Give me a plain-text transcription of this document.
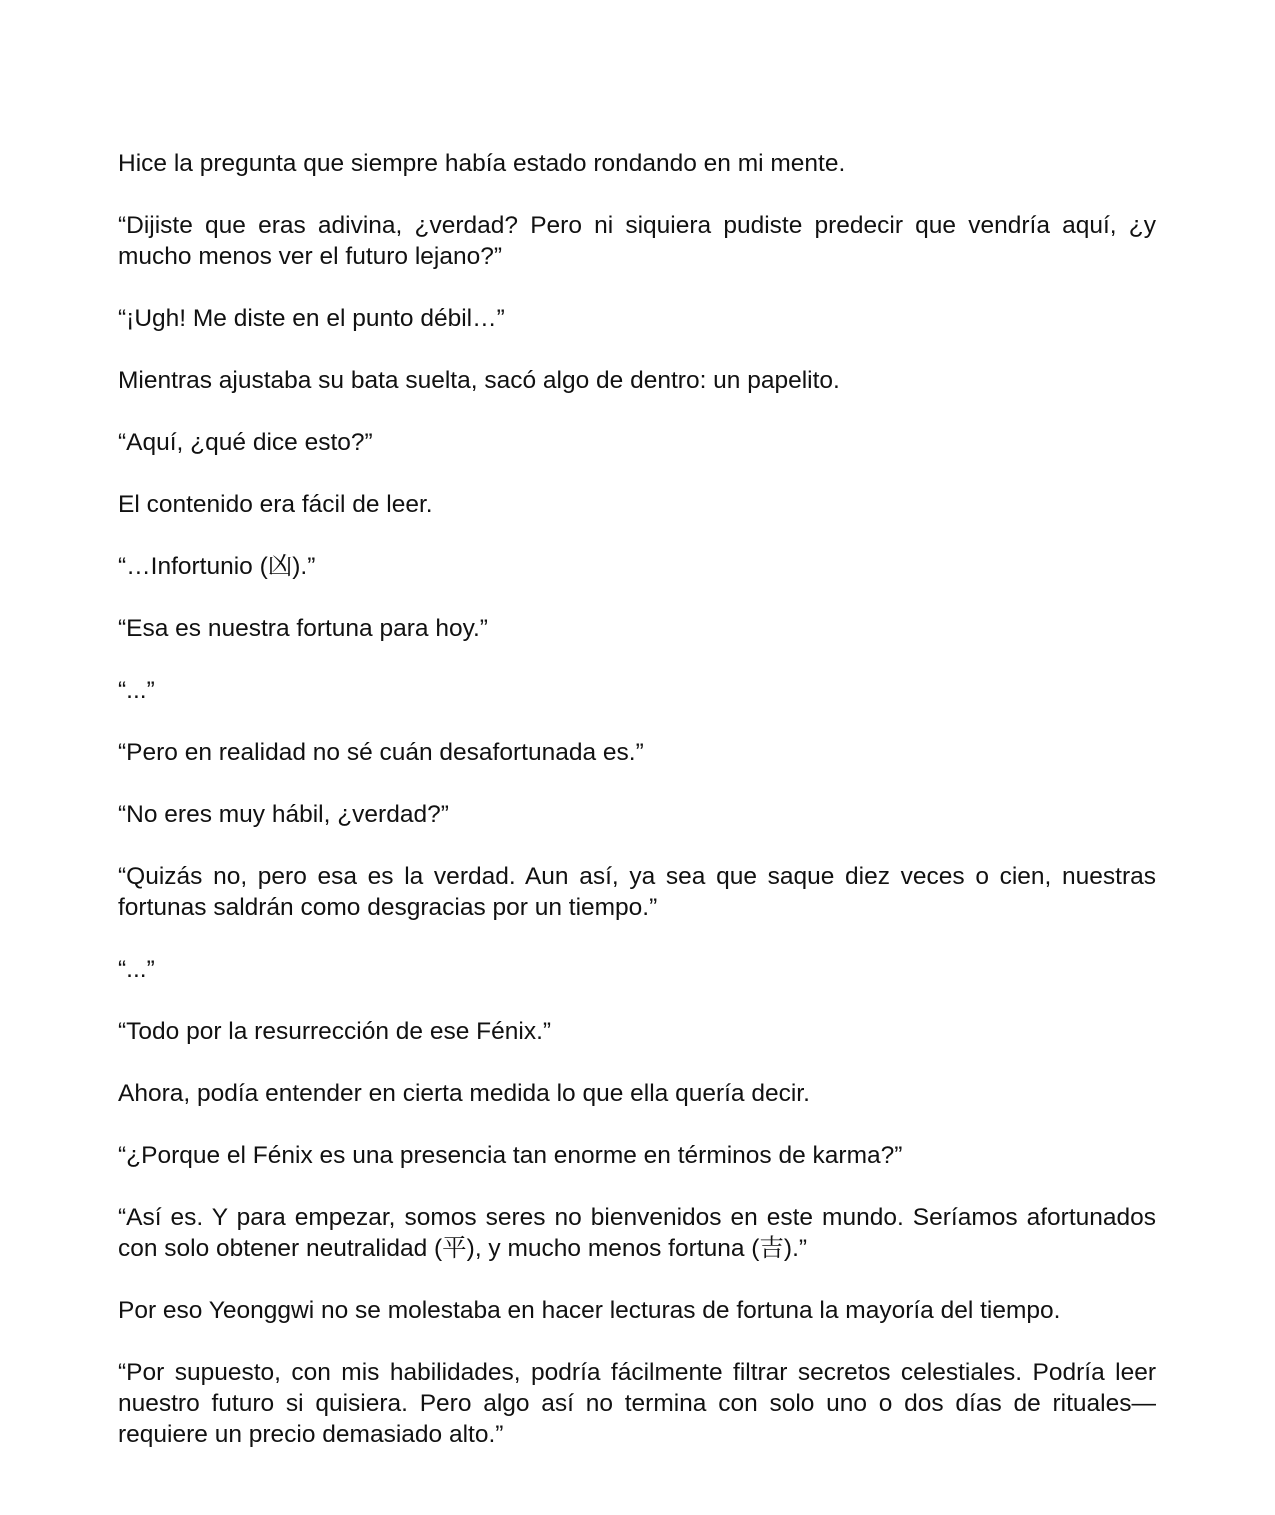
Hice la pregunta que siempre había estado rondando en mi mente.

“Dijiste que eras adivina, ¿verdad? Pero ni siquiera pudiste predecir que vendría aquí, ¿y mucho menos ver el futuro lejano?”

“¡Ugh! Me diste en el punto débil…”

Mientras ajustaba su bata suelta, sacó algo de dentro: un papelito.

“Aquí, ¿qué dice esto?”

El contenido era fácil de leer.

“…Infortunio (凶).”

“Esa es nuestra fortuna para hoy.”

“...”

“Pero en realidad no sé cuán desafortunada es.”

“No eres muy hábil, ¿verdad?”

“Quizás no, pero esa es la verdad. Aun así, ya sea que saque diez veces o cien, nuestras fortunas saldrán como desgracias por un tiempo.”

“...”

“Todo por la resurrección de ese Fénix.”

Ahora, podía entender en cierta medida lo que ella quería decir.

“¿Porque el Fénix es una presencia tan enorme en términos de karma?”

“Así es. Y para empezar, somos seres no bienvenidos en este mundo. Seríamos afortunados con solo obtener neutralidad (平), y mucho menos fortuna (吉).”

Por eso Yeonggwi no se molestaba en hacer lecturas de fortuna la mayoría del tiempo.

“Por supuesto, con mis habilidades, podría fácilmente filtrar secretos celestiales. Podría leer nuestro futuro si quisiera. Pero algo así no termina con solo uno o dos días de rituales—requiere un precio demasiado alto.”
